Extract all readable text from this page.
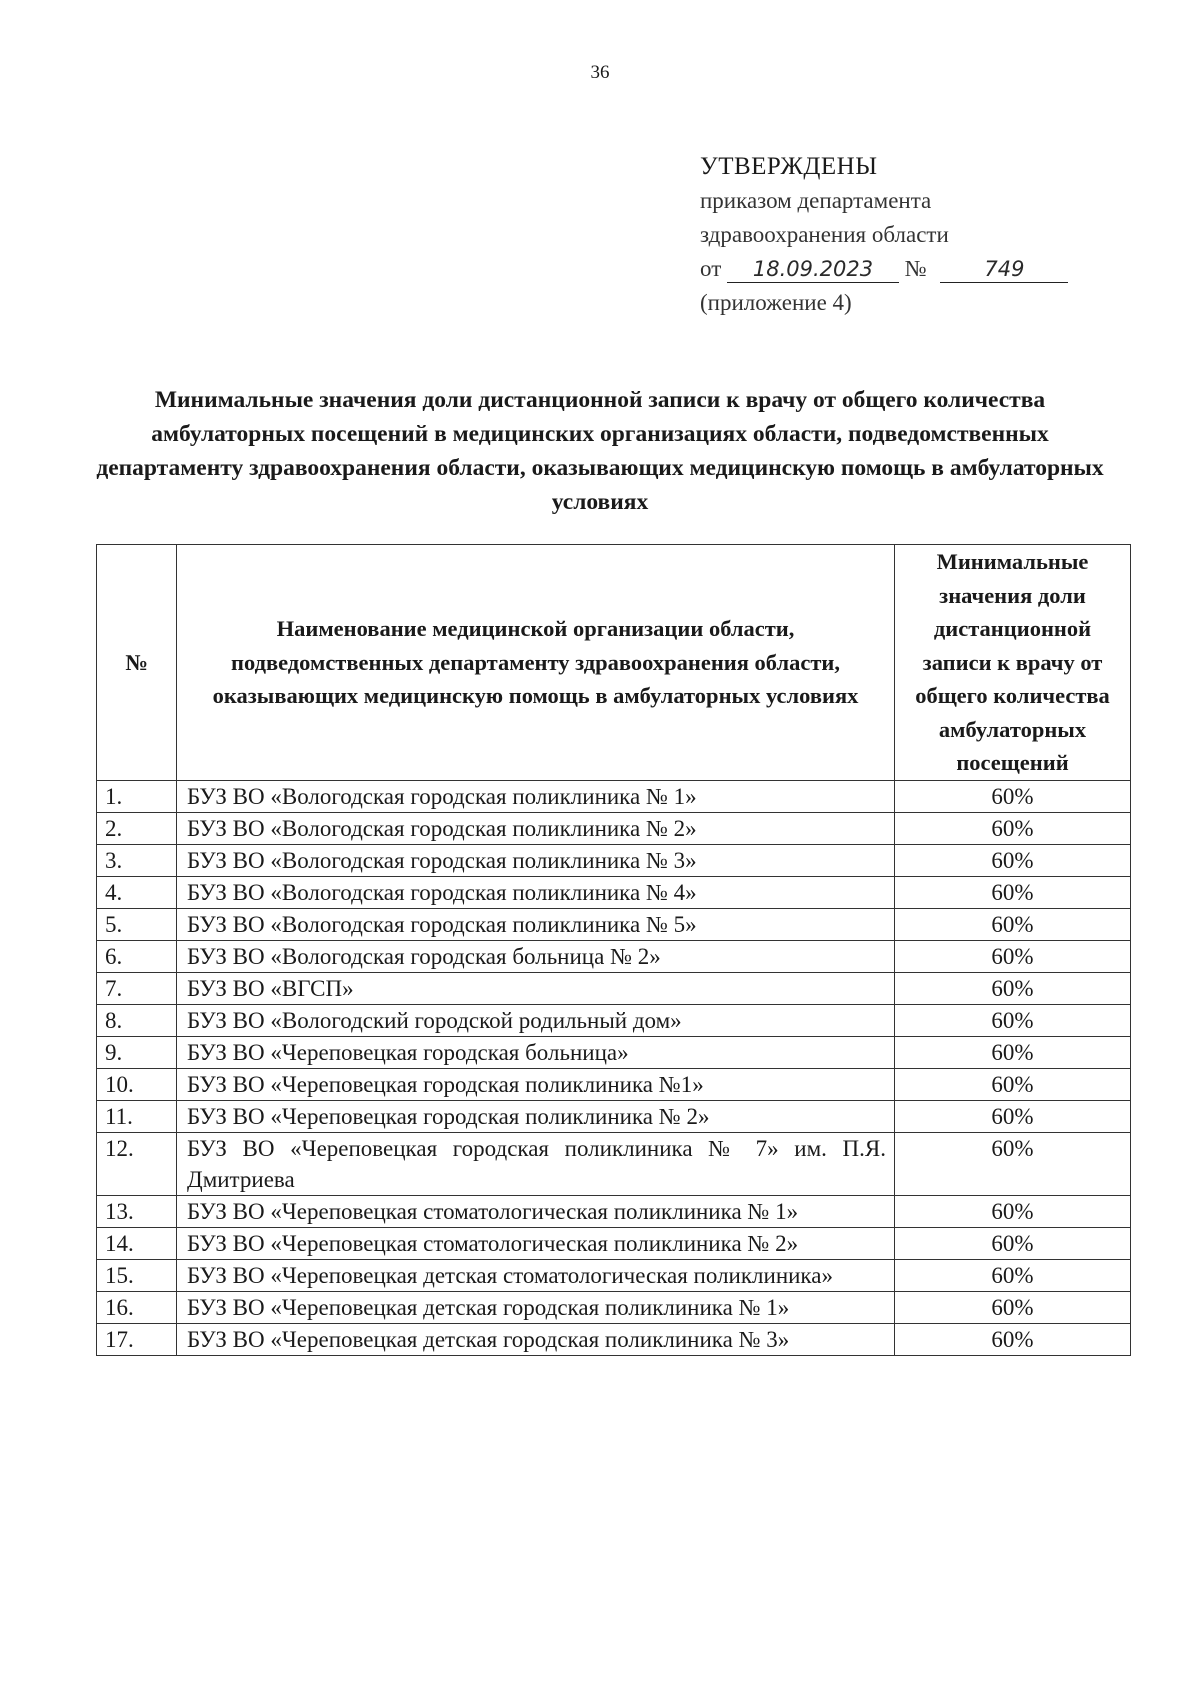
36
УТВЕРЖДЕНЫ
приказом департамента
здравоохранения области
от 18.09.2023 №	749
(приложение 4)
Минимальные значения доли дистанционной записи к врачу от общего количества амбулаторных посещений в медицинских организациях области, подведомственных департаменту здравоохранения области, оказывающих медицинскую помощь в амбулаторных условиях
№	Наименование медицинской организации области, подведомственных департаменту здравоохранения области, оказывающих медицинскую помощь в амбулаторных условиях	Минимальные значения доли дистанционной записи к врачу от общего количества амбулаторных посещений
1.	БУЗ ВО «Вологодская городская поликлиника № 1»	60%
2.	БУЗ ВО «Вологодская городская поликлиника № 2»	60%
3.	БУЗ ВО «Вологодская городская поликлиника № 3»	60%
4.	БУЗ ВО «Вологодская городская поликлиника № 4»	60%
5.	БУЗ ВО «Вологодская городская поликлиника № 5»	60%
6.	БУЗ ВО «Вологодская городская больница № 2»	60%
7.	БУЗ ВО «ВГСП»	60%
8.	БУЗ ВО «Вологодский городской родильный дом»	60%
9.	БУЗ ВО «Череповецкая городская больница»	60%
10.	БУЗ ВО «Череповецкая городская поликлиника №1»	60%
11.	БУЗ ВО «Череповецкая городская поликлиника № 2»	60%
12.	БУЗ ВО «Череповецкая городская поликлиника № 7» им. П.Я. Дмитриева	60%
13.	БУЗ ВО «Череповецкая стоматологическая поликлиника № 1»	60%
14.	БУЗ ВО «Череповецкая стоматологическая поликлиника № 2»	60%
15.	БУЗ ВО «Череповецкая детская стоматологическая поликлиника»	60%
16.	БУЗ ВО «Череповецкая детская городская поликлиника № 1»	60%
17.	БУЗ ВО «Череповецкая детская городская поликлиника № 3»	60%
